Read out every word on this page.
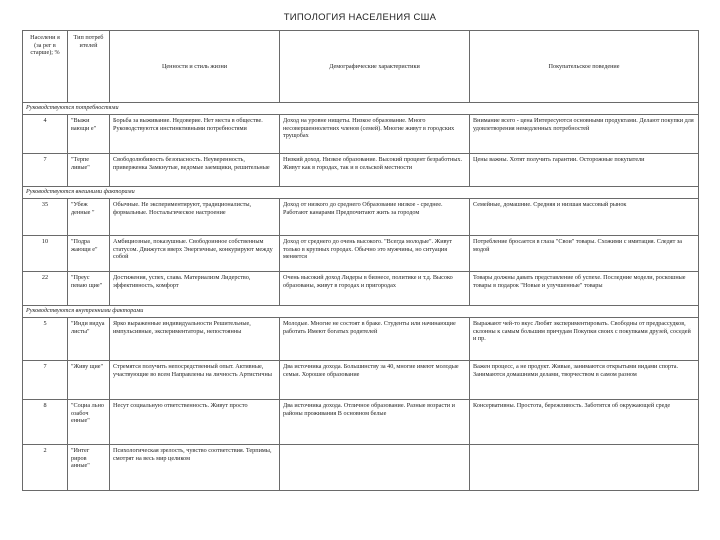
ТИПОЛОГИЯ НАСЕЛЕНИЯ США
Населени я (за рег в старше); %	Тип потреб ителей	Ценности и стиль жизни	Демографические характеристики	Покупательское поведение
Руководствуются потребностями				
4	"Выжи вающи е"	Борьба за выживание. Недоверие. Нет места в обществе. Руководствуются инстинктивными потребностями	Доход на уровне нищеты. Низкое образование. Много несовершеннолетних членов (семей). Многие живут в городских трущобах	Внимание всего - цена Интересуются основными продуктами. Делают покупки для удовлетворения немедленных потребностей
7	"Терпе ливые"	Свободолюбивость безопасность. Неуверенность, приверженка Замкнутые, ведомые заемщики, решительные	Низкий доход. Низкое образование. Высокий процент безработных. Живут как в городах, так и в сельской местности	Цены важны. Хотят получить гарантии. Осторожные покупатели
Руководствуются внешними факторами				
35	"Убеж денные "	Обычные. Не экспериментируют, традиционалисты, формальные. Ностальгическое настроение	Доход от низкого до среднего Образование низкое - среднее. Работают канарами Предпочитают жить за городом	Семейные, домашние. Средняя и низшая массовый рынок
10	"Подра жающи е"	Амбициозные, показушные. Свободоинное собственным статусом. Движутся вверх Энергичные, конкурируют между собой	Доход от среднего до очень высокого. "Всегда молодые". Живут только в крупных городах. Обычно это мужчины, но ситуация меняется	Потребление бросается в глаза "Свои" товары. Схожими с имитация. Следят за модой
22	"Преус певаю щие"	Достижения, успех, слава. Материализм Лидерство, эффективность, комфорт	Очень высокий доход Лидеры в бизнесе, политике и т.д. Высоко образованы, живут в городах и пригородах	Товары должны давать представление об успехе. Последние модели, роскошные товары в подарок "Новые и улучшенные" товары
Руководствуются внутренними факторами				
5	"Инди видуа листы"	Ярко выраженные индивидуальности Решительные, импульсивные, экспериментаторы, непостоянны	Молодые. Многие не состоят в браке. Студенты или начинающие работать Имеют богатых родителей	Выражают чей-то вкус Любят экспериментировать. Свободны от предрассудков, склонны к самым большим причудам Покупки своих с покупками друзей, соседей и пр.
7	"Живу щие"	Стремятся получить непосредственный опыт. Активные, участвующие во всем Направлены на личность Артистичны	Два источника дохода. Большинству за 40, многие имеют молодые семьи. Хорошее образование	Важен процесс, а не продукт. Живые, занимаются открытыми видами спорта. Занимаются домашними делами, творчеством в самом разном
8	"Социа льно озабоч енные"	Несут социальную ответственность. Живут просто	Два источника дохода. Отличное образование. Разные возрасти и районы проживания В основном белые	Консервативны. Простота, бережливость. Заботятся об окружающей среде
2	"Интег риров анные"	Психологическая зрелость, чувство соответствия. Терпимы, смотрят на весь мир целиком		
